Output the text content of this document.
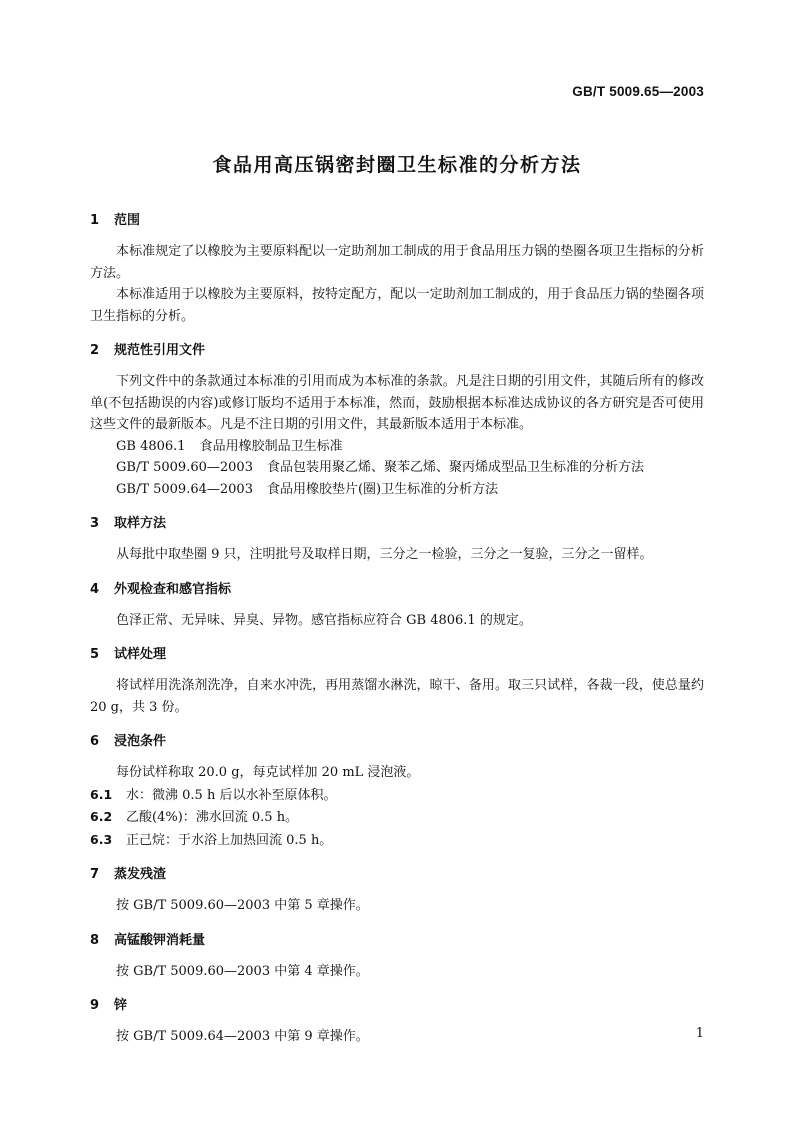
GB/T 5009.65—2003
食品用高压锅密封圈卫生标准的分析方法
1 范围

本标准规定了以橡胶为主要原料配以一定助剂加工制成的用于食品用压力锅的垫圈各项卫生指标的分析方法。

本标准适用于以橡胶为主要原料，按特定配方，配以一定助剂加工制成的，用于食品压力锅的垫圈各项卫生指标的分析。

2 规范性引用文件

下列文件中的条款通过本标准的引用而成为本标准的条款。凡是注日期的引用文件，其随后所有的修改单(不包括勘误的内容)或修订版均不适用于本标准，然而，鼓励根据本标准达成协议的各方研究是否可使用这些文件的最新版本。凡是不注日期的引用文件，其最新版本适用于本标准。

GB 4806.1 食品用橡胶制品卫生标准
GB/T 5009.60—2003 食品包装用聚乙烯、聚苯乙烯、聚丙烯成型品卫生标准的分析方法
GB/T 5009.64—2003 食品用橡胶垫片(圈)卫生标准的分析方法
3 取样方法

从每批中取垫圈 9 只，注明批号及取样日期，三分之一检验，三分之一复验，三分之一留样。

4 外观检查和感官指标

色泽正常、无异味、异臭、异物。感官指标应符合 GB 4806.1 的规定。

5 试样处理

将试样用洗涤剂洗净，自来水冲洗，再用蒸馏水淋洗，晾干、备用。取三只试样，各裁一段，使总量约 20 g，共 3 份。

6 浸泡条件

每份试样称取 20.0 g，每克试样加 20 mL 浸泡液。

6.1 水：微沸 0.5 h 后以水补至原体积。
6.2 乙酸(4%)：沸水回流 0.5 h。
6.3 正己烷：于水浴上加热回流 0.5 h。
7 蒸发残渣

按 GB/T 5009.60—2003 中第 5 章操作。

8 高锰酸钾消耗量

按 GB/T 5009.60—2003 中第 4 章操作。

9 锌

按 GB/T 5009.64—2003 中第 9 章操作。	1
